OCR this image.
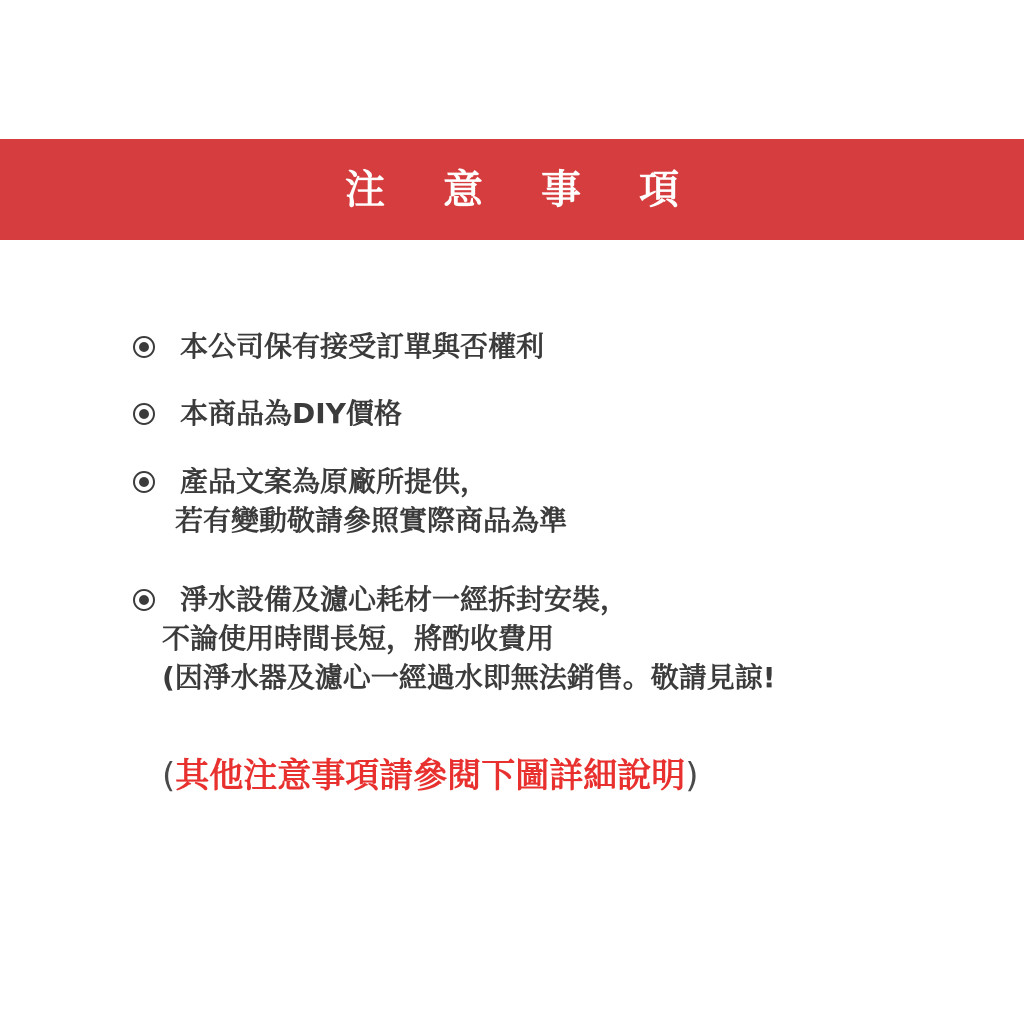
注意事項
本公司保有接受訂單與否權利
本商品為DIY價格
產品文案為原廠所提供，
若有變動敬請參照實際商品為準
淨水設備及濾心耗材一經拆封安裝，
不論使用時間長短，將酌收費用
(因淨水器及濾心一經過水即無法銷售。敬請見諒!
(其他注意事項請參閱下圖詳細說明)
